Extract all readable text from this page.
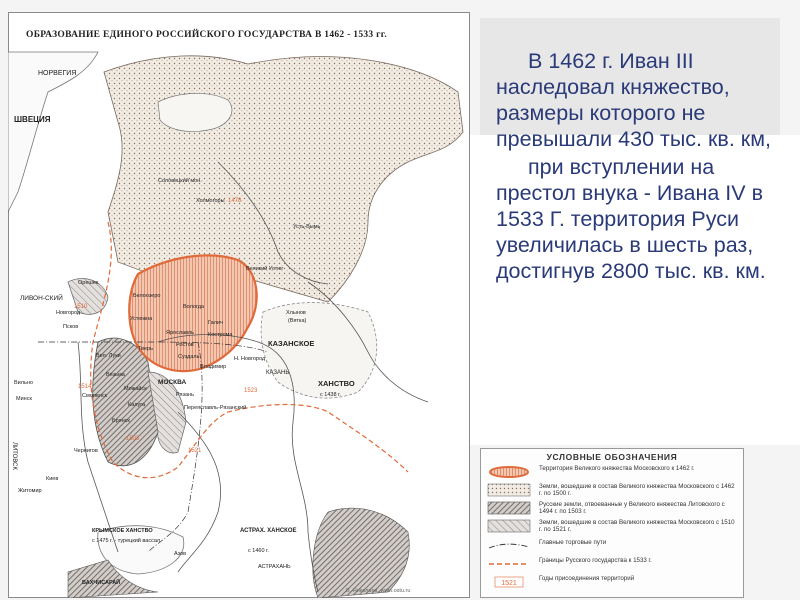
НОРВЕГИЯ
ШВЕЦИЯ
Соловецкий мон.
Холмогоры
Усть-Вымь
Великий Устюг
Хлынов
(Вятка)
ЛИВОН-СКИЙ
Орешек
Новгород
Псков
Устюжна
Белоозеро
Вологда
Галич
Кострома
Ярославль
Тверь
Ростов
Суздаль
Владимир
Н. Новгород
КАЗАНЬ
КАЗАНСКОЕ
ХАНСТВО
с 1438 г.
МОСКВА
Можайск
Смоленск
Калуга
Рязань
Переяславль-Рязанский
Вел. Луки
Вязьма
Брянск
Чернигов
Киев
Житомир
Минск
Вильно
КРЫМСКОЕ ХАНСТВО
с 1475 г. - турецкий вассал
Азов
БАХЧИСАРАЙ
АСТРАХ. ХАНСКОЕ
с 1460 г.
АСТРАХАНЬ
1478
1521
1503
1510
1514
1523
ЛИТОВСК
В. Николаев, www.ostu.ru
ОБРАЗОВАНИЕ ЕДИНОГО РОССИЙСКОГО ГОСУДАРСТВА В 1462 - 1533 гг.

В 1462 г. Иван III наследовал княжество, размеры которого не превышали 430 тыс. кв. км,

при вступлении на престол внука - Ивана IV в 1533 Г. территория Руси увеличилась в шесть раз, достигнув 2800 тыс. кв. км.

УСЛОВНЫЕ ОБОЗНАЧЕНИЯ
Территория Великого княжества Московского к 1462 г.
Земли, вошедшие в состав Великого княжества Московского с 1462 г. по 1500 г.
Русские земли, отвоеванные у Великого княжества Литовского с 1494 г. по 1503 г.
Земли, вошедшие в состав Великого княжества Московского с 1510 г. по 1521 г.
Главные торговые пути
Границы Русского государства к 1533 г.
1521
Годы присоединения территорий
